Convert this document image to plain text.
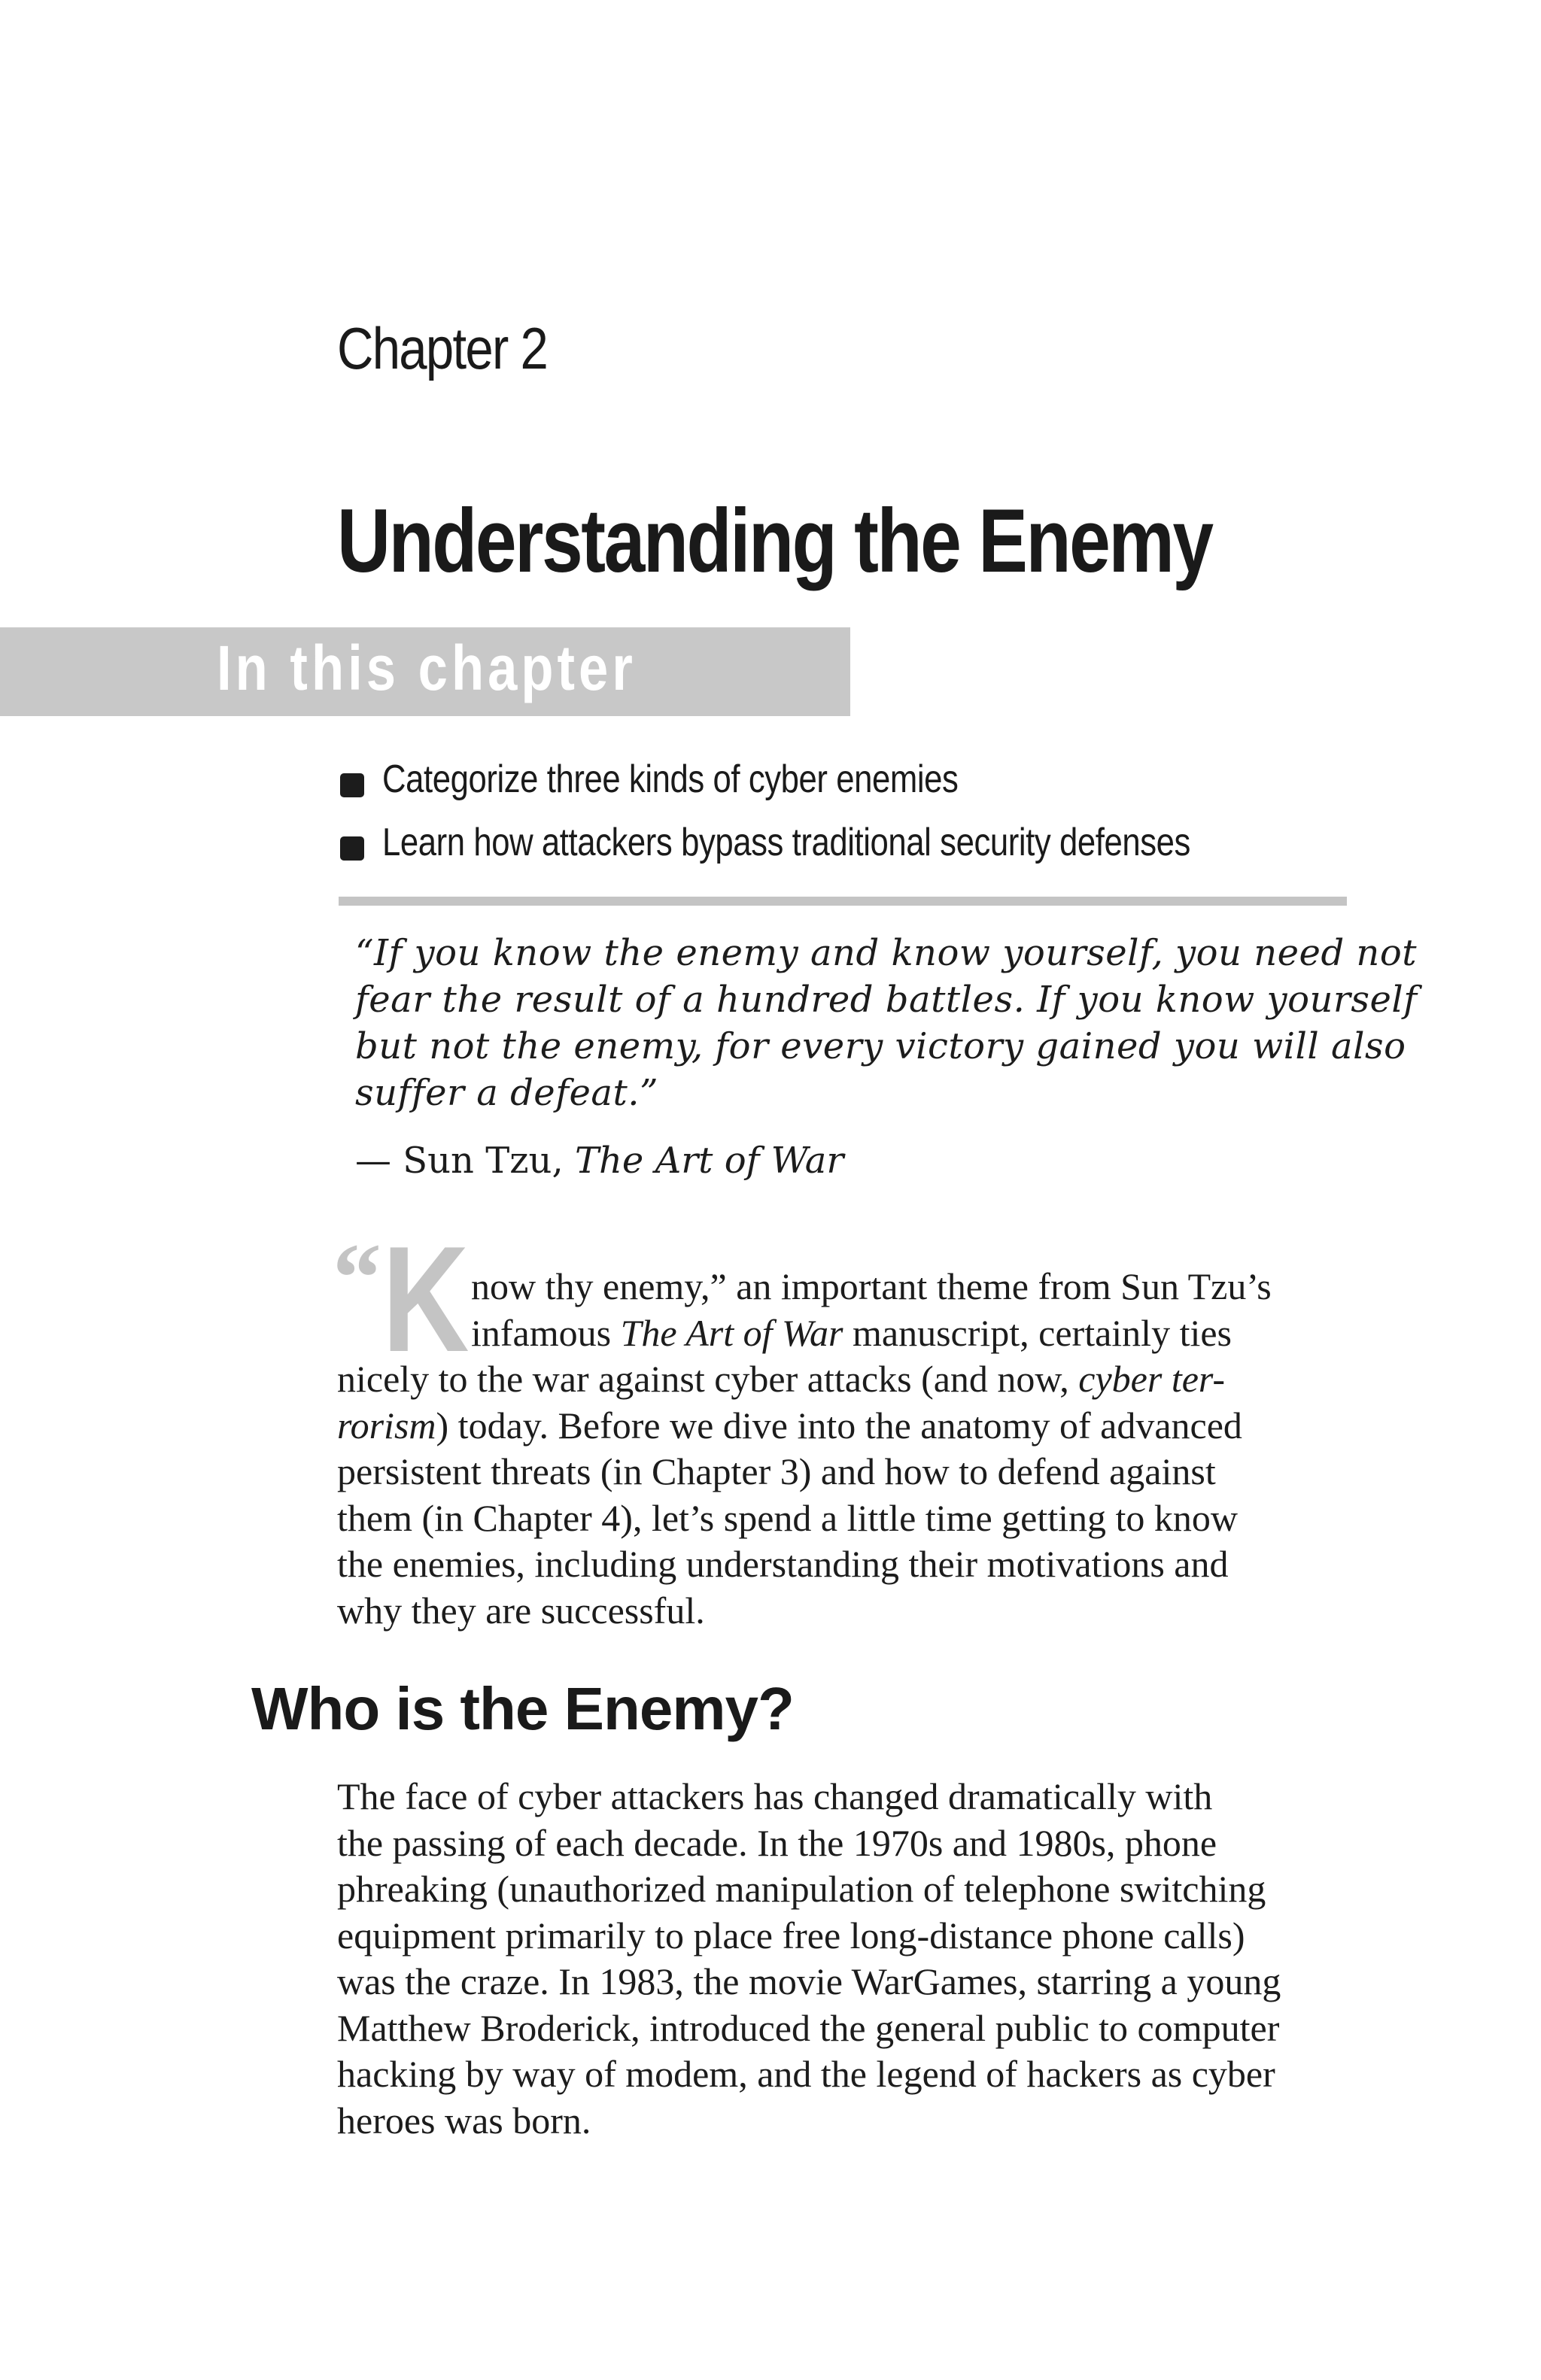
Chapter 2
Understanding the Enemy
In this chapter
Categorize three kinds of cyber enemies
Learn how attackers bypass traditional security defenses

“If you know the enemy and know yourself, you need not

fear the result of a hundred battles. If you know yourself

but not the enemy, for every victory gained you will also

suffer a defeat.”

— Sun Tzu, The Art of War
“ K now thy enemy,” an important theme from Sun Tzu’s

infamous The Art of War manuscript, certainly ties

nicely to the war against cyber attacks (and now, cyber ter-

rorism) today. Before we dive into the anatomy of advanced

persistent threats (in Chapter 3) and how to defend against

them (in Chapter 4), let’s spend a little time getting to know

the enemies, including understanding their motivations and

why they are successful.

Who is the Enemy?

The face of cyber attackers has changed dramatically with

the passing of each decade. In the 1970s and 1980s, phone

phreaking (unauthorized manipulation of telephone switching

equipment primarily to place free long-distance phone calls)

was the craze. In 1983, the movie WarGames, starring a young

Matthew Broderick, introduced the general public to computer

hacking by way of modem, and the legend of hackers as cyber

heroes was born.
